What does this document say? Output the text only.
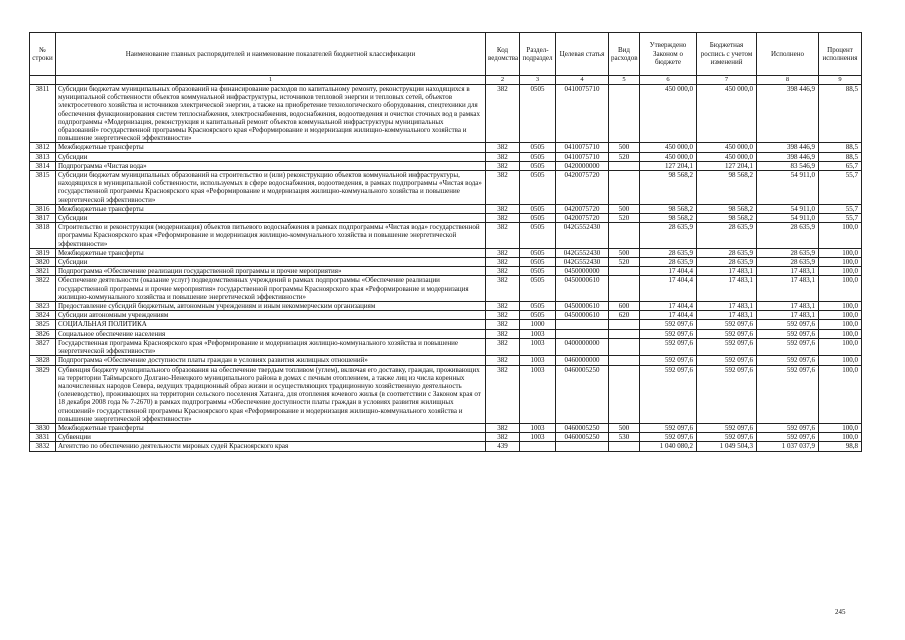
№ строки	Наименование главных распорядителей и наименование показателей бюджетной классификации	Код ведомства	Раздел-подраздел	Целевая статья	Вид расходов	Утверждено Законом о бюджете	Бюджетная роспись с учетом изменений	Исполнено	Процент исполнения
	1	2	3	4	5	6	7	8	9
3811	Субсидии бюджетам муниципальных образований на финансирование расходов по капитальному ремонту, реконструкции находящихся в муниципальной собственности объектов коммунальной инфраструктуры, источников тепловой энергии и тепловых сетей, объектов электросетевого хозяйства и источников электрической энергии, а также на приобретение технологического оборудования, спецтехники для обеспечения функционирования систем теплоснабжения, электроснабжения, водоснабжения, водоотведения и очистки сточных вод в рамках подпрограммы «Модернизация, реконструкция и капитальный ремонт объектов коммунальной инфраструктуры муниципальных образований» государственной программы Красноярского края «Реформирование и модернизация жилищно-коммунального хозяйства и повышение энергетической эффективности»	382	0505	0410075710		450 000,0	450 000,0	398 446,9	88,5
3812	Межбюджетные трансферты	382	0505	0410075710	500	450 000,0	450 000,0	398 446,9	88,5
3813	Субсидии	382	0505	0410075710	520	450 000,0	450 000,0	398 446,9	88,5
3814	Подпрограмма «Чистая вода»	382	0505	0420000000		127 204,1	127 204,1	83 546,9	65,7
3815	Субсидии бюджетам муниципальных образований на строительство и (или) реконструкцию объектов коммунальной инфраструктуры, находящихся в муниципальной собственности, используемых в сфере водоснабжения, водоотведения, в рамках подпрограммы «Чистая вода» государственной программы Красноярского края «Реформирование и модернизация жилищно-коммунального хозяйства и повышение энергетической эффективности»	382	0505	0420075720		98 568,2	98 568,2	54 911,0	55,7
3816	Межбюджетные трансферты	382	0505	0420075720	500	98 568,2	98 568,2	54 911,0	55,7
3817	Субсидии	382	0505	0420075720	520	98 568,2	98 568,2	54 911,0	55,7
3818	Строительство и реконструкция (модернизация) объектов питьевого водоснабжения в рамках подпрограммы «Чистая вода» государственной программы Красноярского края «Реформирование и модернизация жилищно-коммунального хозяйства и повышение энергетической эффективности»	382	0505	042G552430		28 635,9	28 635,9	28 635,9	100,0
3819	Межбюджетные трансферты	382	0505	042G552430	500	28 635,9	28 635,9	28 635,9	100,0
3820	Субсидии	382	0505	042G552430	520	28 635,9	28 635,9	28 635,9	100,0
3821	Подпрограмма «Обеспечение реализации государственной программы и прочие мероприятия»	382	0505	0450000000		17 404,4	17 483,1	17 483,1	100,0
3822	Обеспечение деятельности (оказание услуг) подведомственных учреждений в рамках подпрограммы «Обеспечение реализации государственной программы и прочие мероприятия» государственной программы Красноярского края «Реформирование и модернизация жилищно-коммунального хозяйства и повышение энергетической эффективности»	382	0505	0450000610		17 404,4	17 483,1	17 483,1	100,0
3823	Предоставление субсидий бюджетным, автономным учреждениям и иным некоммерческим организациям	382	0505	0450000610	600	17 404,4	17 483,1	17 483,1	100,0
3824	Субсидии автономным учреждениям	382	0505	0450000610	620	17 404,4	17 483,1	17 483,1	100,0
3825	СОЦИАЛЬНАЯ ПОЛИТИКА	382	1000			592 097,6	592 097,6	592 097,6	100,0
3826	Социальное обеспечение населения	382	1003			592 097,6	592 097,6	592 097,6	100,0
3827	Государственная программа Красноярского края «Реформирование и модернизация жилищно-коммунального хозяйства и повышение энергетической эффективности»	382	1003	0400000000		592 097,6	592 097,6	592 097,6	100,0
3828	Подпрограмма «Обеспечение доступности платы граждан в условиях развития жилищных отношений»	382	1003	0460000000		592 097,6	592 097,6	592 097,6	100,0
3829	Субвенция бюджету муниципального образования на обеспечение твердым топливом (углем), включая его доставку, граждан, проживающих на территории Таймырского Долгано-Ненецкого муниципального района в домах с печным отоплением, а также лиц из числа коренных малочисленных народов Севера, ведущих традиционный образ жизни и осуществляющих традиционную хозяйственную деятельность (оленеводство), проживающих на территории сельского поселения Хатанга, для отопления кочевого жилья (в соответствии с Законом края от 18 декабря 2008 года № 7-2670) в рамках подпрограммы «Обеспечение доступности платы граждан в условиях развития жилищных отношений» государственной программы Красноярского края «Реформирование и модернизация жилищно-коммунального хозяйства и повышение энергетической эффективности»	382	1003	0460005250		592 097,6	592 097,6	592 097,6	100,0
3830	Межбюджетные трансферты	382	1003	0460005250	500	592 097,6	592 097,6	592 097,6	100,0
3831	Субвенции	382	1003	0460005250	530	592 097,6	592 097,6	592 097,6	100,0
3832	Агентство по обеспечению деятельности мировых судей Красноярского края	439				1 040 080,2	1 049 504,3	1 037 037,9	98,8
245
